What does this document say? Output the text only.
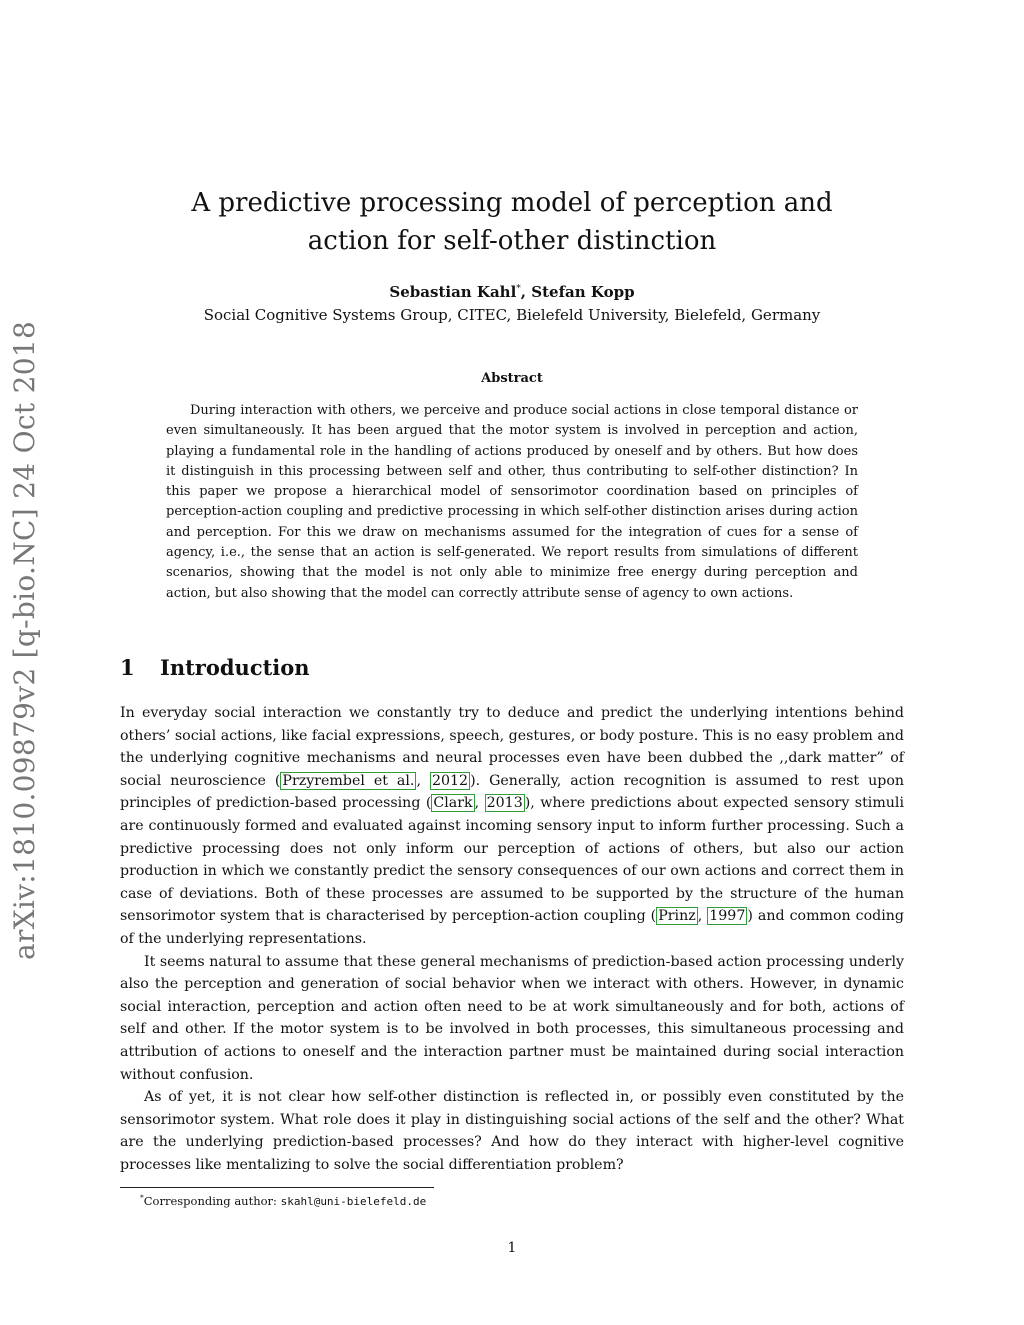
arXiv:1810.09879v2 [q-bio.NC] 24 Oct 2018
A predictive processing model of perception and action for self-other distinction
Sebastian Kahl*, Stefan Kopp
Social Cognitive Systems Group, CITEC, Bielefeld University, Bielefeld, Germany
Abstract
During interaction with others, we perceive and produce social actions in close temporal distance or even simultaneously. It has been argued that the motor system is involved in perception and action, playing a fundamental role in the handling of actions produced by oneself and by others. But how does it distinguish in this processing between self and other, thus contributing to self-other distinction? In this paper we propose a hierarchical model of sensorimotor coordination based on principles of perception-action coupling and predictive processing in which self-other distinction arises during action and perception. For this we draw on mechanisms assumed for the integration of cues for a sense of agency, i.e., the sense that an action is self-generated. We report results from simulations of different scenarios, showing that the model is not only able to minimize free energy during perception and action, but also showing that the model can correctly attribute sense of agency to own actions.
1 Introduction

In everyday social interaction we constantly try to deduce and predict the underlying intentions behind others’ social actions, like facial expressions, speech, gestures, or body posture. This is no easy problem and the underlying cognitive mechanisms and neural processes even have been dubbed the ,,dark matter” of social neuroscience ( Przyrembel et al. , 2012 ). Generally, action recognition is assumed to rest upon principles of prediction-based processing ( Clark , 2013 ), where predictions about expected sensory stimuli are continuously formed and evaluated against incoming sensory input to inform further processing. Such a predictive processing does not only inform our perception of actions of others, but also our action production in which we constantly predict the sensory consequences of our own actions and correct them in case of deviations. Both of these processes are assumed to be supported by the structure of the human sensorimotor system that is characterised by perception-action coupling ( Prinz , 1997 ) and common coding of the underlying representations.

It seems natural to assume that these general mechanisms of prediction-based action processing underly also the perception and generation of social behavior when we interact with others. However, in dynamic social interaction, perception and action often need to be at work simultaneously and for both, actions of self and other. If the motor system is to be involved in both processes, this simultaneous processing and attribution of actions to oneself and the interaction partner must be maintained during social interaction without confusion.

As of yet, it is not clear how self-other distinction is reflected in, or possibly even constituted by the sensorimotor system. What role does it play in distinguishing social actions of the self and the other? What are the underlying prediction-based processes? And how do they interact with higher-level cognitive processes like mentalizing to solve the social differentiation problem?

*Corresponding author: skahl@uni-bielefeld.de
1
